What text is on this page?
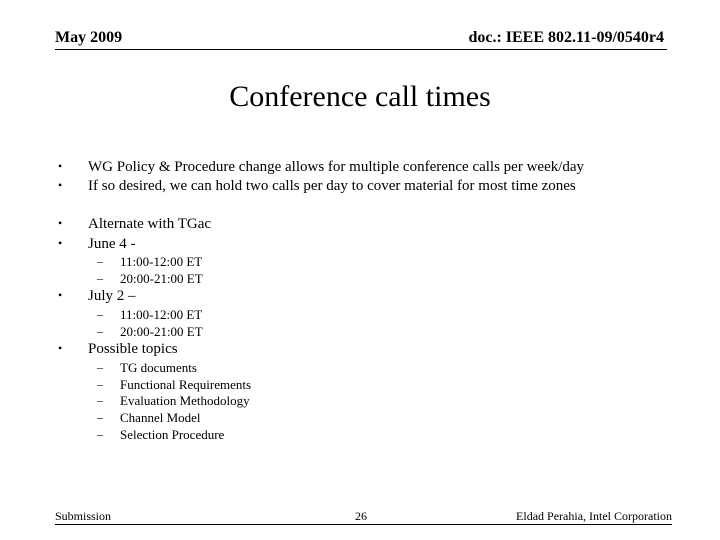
May 2009	doc.: IEEE 802.11-09/0540r4
Conference call times
• WG Policy & Procedure change allows for multiple conference calls per week/day
• If so desired, we can hold two calls per day to cover material for most time zones
• Alternate with TGac
• June 4 -
– 11:00-12:00 ET
– 20:00-21:00 ET
• July 2 –
– 11:00-12:00 ET
– 20:00-21:00 ET
• Possible topics
– TG documents
– Functional Requirements
– Evaluation Methodology
– Channel Model
– Selection Procedure
Submission	26	Eldad Perahia, Intel Corporation
